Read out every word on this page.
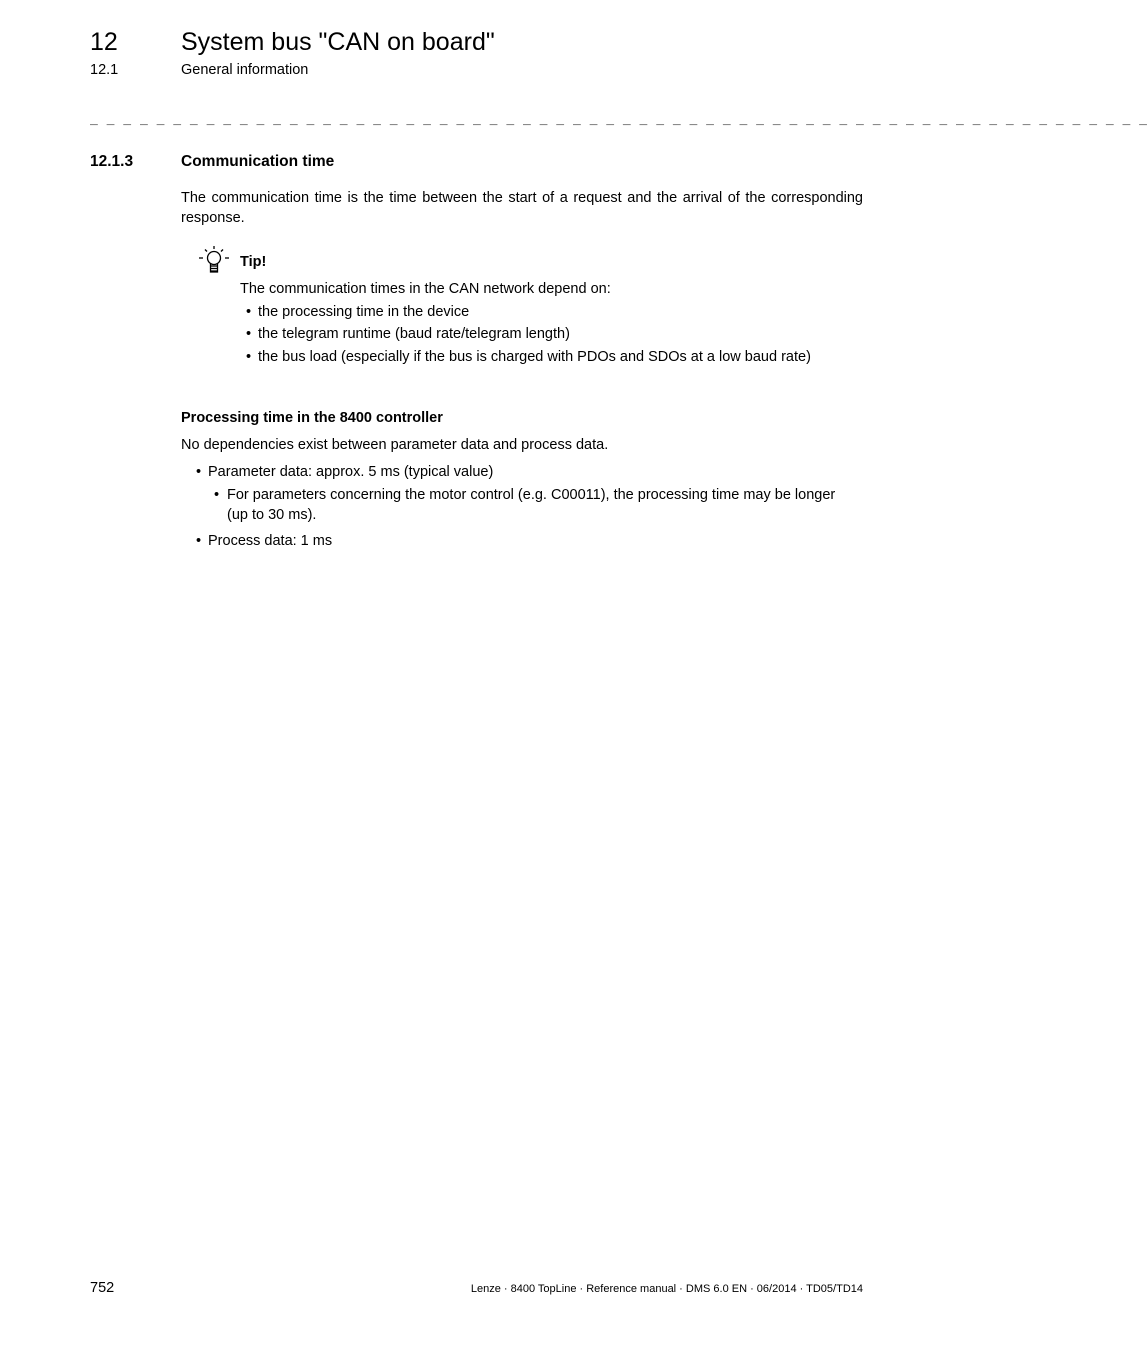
12	System bus "CAN on board"
12.1	General information
_ _ _ _ _ _ _ _ _ _ _ _ _ _ _ _ _ _ _ _ _ _ _ _ _ _ _ _ _ _ _ _ _ _ _ _ _ _ _ _ _ _ _ _ _ _ _ _ _ _ _ _ _ _ _ _ _ _ _ _ _ _ _ _
12.1.3	Communication time
The communication time is the time between the start of a request and the arrival of the corresponding response.
Tip!
The communication times in the CAN network depend on:
• the processing time in the device
• the telegram runtime (baud rate/telegram length)
• the bus load (especially if the bus is charged with PDOs and SDOs at a low baud rate)
Processing time in the 8400 controller
No dependencies exist between parameter data and process data.
• Parameter data: approx. 5 ms (typical value)
• For parameters concerning the motor control (e.g. C00011), the processing time may be longer (up to 30 ms).
• Process data: 1 ms
752	Lenze · 8400 TopLine · Reference manual · DMS 6.0 EN · 06/2014 · TD05/TD14
